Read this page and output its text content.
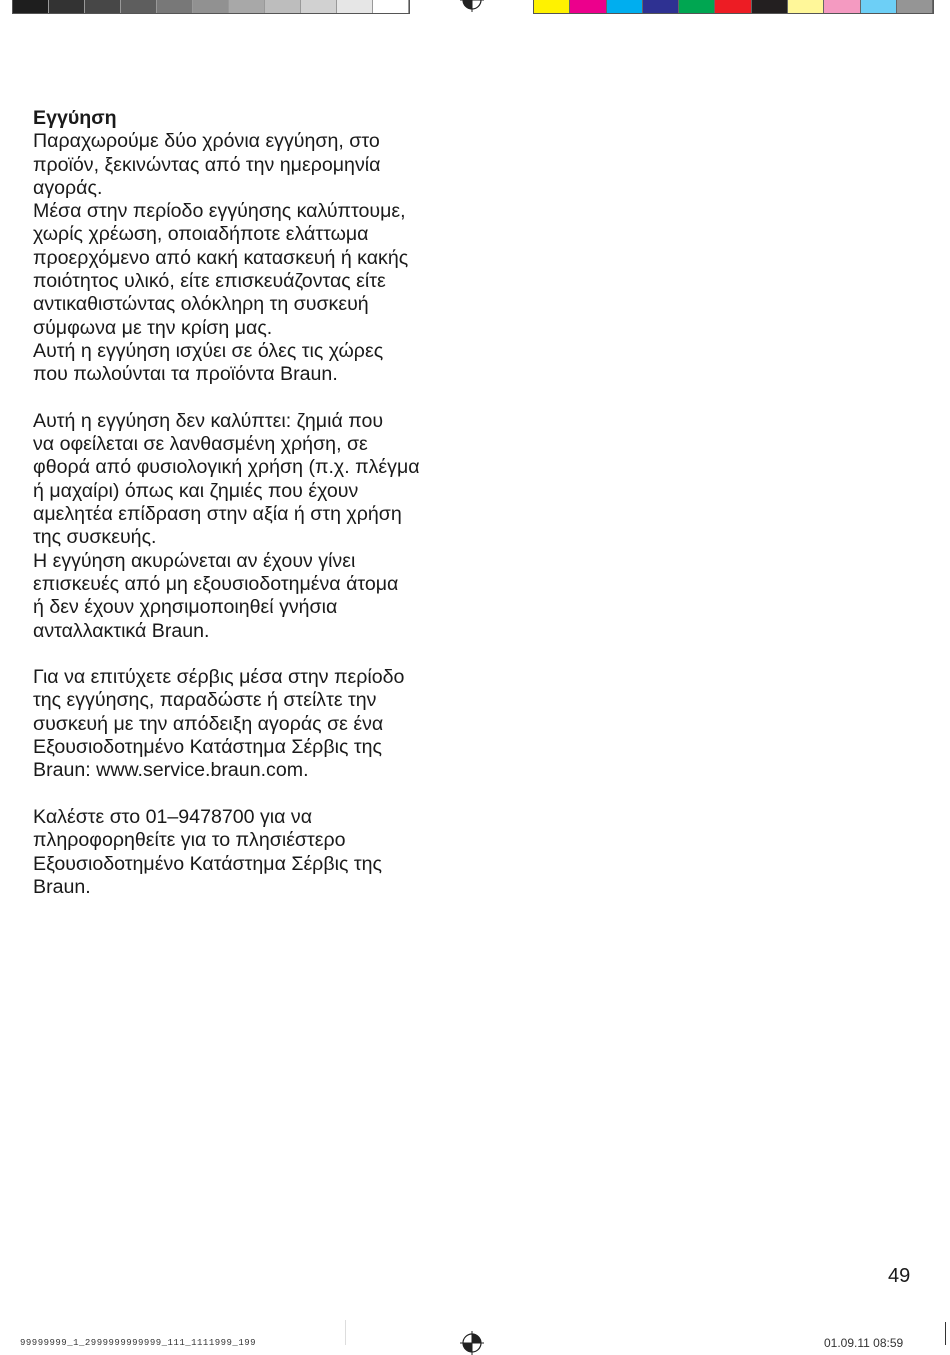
Εγγύηση

Παραχωρούμε δύο χρόνια εγγύηση, στο
προϊόν, ξεκινώντας από την ημερομηνία
αγοράς.
Μέσα στην περίοδο εγγύησης καλύπτουμε,
χωρίς χρέωση, οποιαδήποτε ελάττωμα
προερχόμενο από κακή κατασκευή ή κακής
ποιότητος υλικό, είτε επισκευάζοντας είτε
αντικαθιστώντας ολόκληρη τη συσκευή
σύμφωνα με την κρίση μας.
Αυτή η εγγύηση ισχύει σε όλες τις χώρες
που πωλούνται τα προϊόντα Braun.

Αυτή η εγγύηση δεν καλύπτει: ζημιά που
να οφείλεται σε λανθασμένη χρήση, σε
φθορά από φυσιολογική χρήση (π.χ. πλέγμα
ή μαχαίρι) όπως και ζημιές που έχουν
αμελητέα επίδραση στην αξία ή στη χρήση
της συσκευής.
Η εγγύηση ακυρώνεται αν έχουν γίνει
επισκευές από μη εξουσιοδοτημένα άτομα
ή δεν έχουν χρησιμοποιηθεί γνήσια
ανταλλακτικά Braun.

Για να επιτύχετε σέρβις μέσα στην περίοδο
της εγγύησης, παραδώστε ή στείλτε την
συσκευή με την απόδειξη αγοράς σε ένα
Εξουσιοδοτημένο Κατάστημα Σέρβις της
Braun: www.service.braun.com.

Καλέστε στο 01–9478700 για να
πληροφορηθείτε για το πλησιέστερο
Εξουσιοδοτημένο Κατάστημα Σέρβις της
Braun.

49
99999999_1_2999999999999_111_1111999_199	01.09.11 08:59
